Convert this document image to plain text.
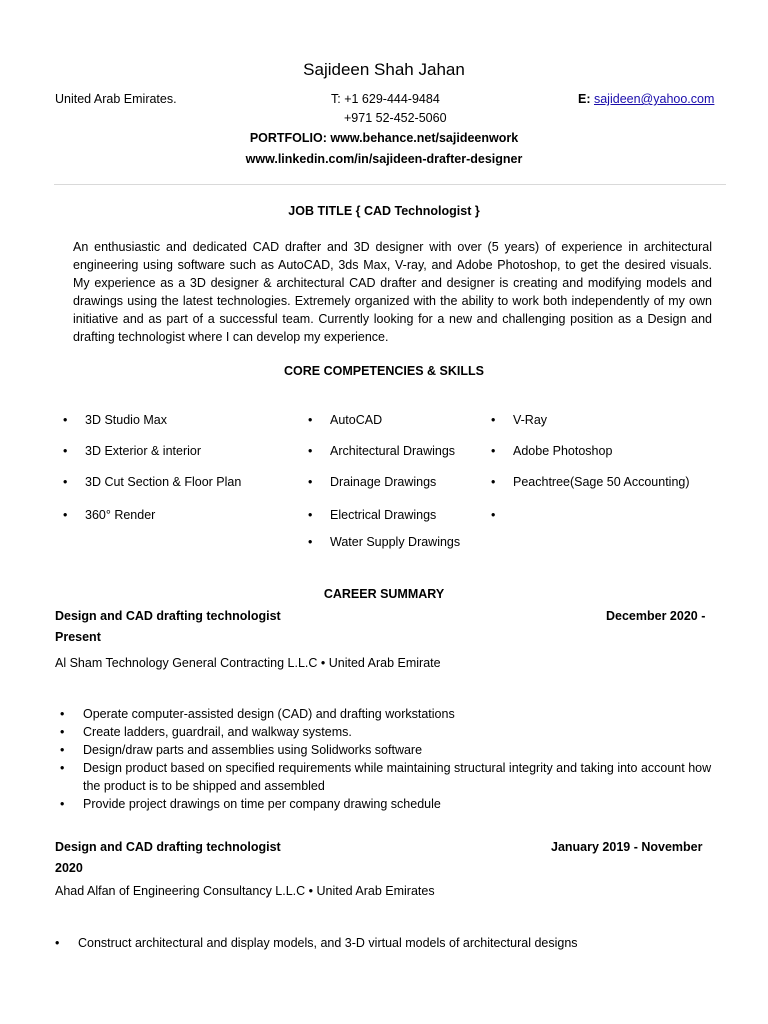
Sajideen Shah Jahan
United Arab Emirates.	T: +1 629-444-9484
+971 52-452-5060
E: sajideen@yahoo.com
PORTFOLIO: www.behance.net/sajideenwork
www.linkedin.com/in/sajideen-drafter-designer
JOB TITLE { CAD Technologist }
An enthusiastic and dedicated CAD drafter and 3D designer with over (5 years) of experience in architectural engineering using software such as AutoCAD, 3ds Max, V-ray, and Adobe Photoshop, to get the desired visuals. My experience as a 3D designer & architectural CAD drafter and designer is creating and modifying models and drawings using the latest technologies. Extremely organized with the ability to work both independently of my own initiative and as part of a successful team. Currently looking for a new and challenging position as a Design and drafting technologist where I can develop my experience.
CORE COMPETENCIES & SKILLS
• 3D Studio Max
• 3D Exterior & interior
• 3D Cut Section & Floor Plan
• 360° Render
• AutoCAD
• Architectural Drawings
• Drainage Drawings
• Electrical Drawings
• Water Supply Drawings
• V-Ray
• Adobe Photoshop
• Peachtree(Sage 50 Accounting)
•
CAREER SUMMARY
Design and CAD drafting technologist	December 2020 -
Present
Al Sham Technology General Contracting L.L.C • United Arab Emirate
• Operate computer-assisted design (CAD) and drafting workstations
• Create ladders, guardrail, and walkway systems.
• Design/draw parts and assemblies using Solidworks software
• Design product based on specified requirements while maintaining structural integrity and taking into account how the product is to be shipped and assembled
• Provide project drawings on time per company drawing schedule
Design and CAD drafting technologist	January 2019 - November
2020
Ahad Alfan of Engineering Consultancy L.L.C • United Arab Emirates
• Construct architectural and display models, and 3-D virtual models of architectural designs
